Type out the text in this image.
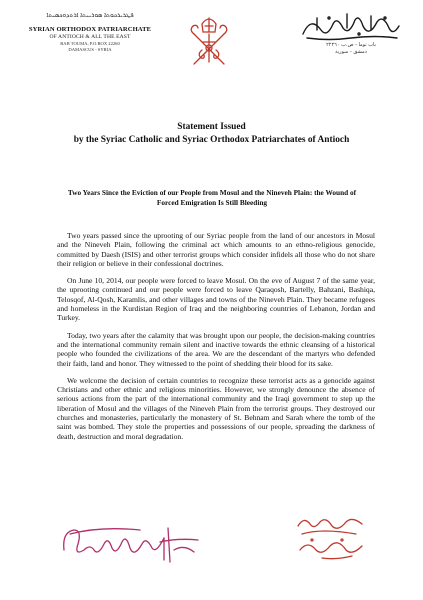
ܦܛܪܝܪܟܘܬܐ ܣܘܪܝܝܬܐ ܐܪܬܕܘܟܣܝܬܐ
SYRIAN ORTHODOX PATRIARCHATE
OF ANTIOCH & ALL THE EAST
BAB TOUMA, P.O.BOX 22260
DAMASCUS - SYRIA
باب توما - ص.ب ٢٢٢٦٠
دمشق - سورية
Statement Issued
by the Syriac Catholic and Syriac Orthodox Patriarchates of Antioch
Two Years Since the Eviction of our People from Mosul and the Nineveh Plain: the Wound of Forced Emigration Is Still Bleeding

Two years passed since the uprooting of our Syriac people from the land of our ancestors in Mosul and the Nineveh Plain, following the criminal act which amounts to an ethno-religious genocide, committed by Daesh (ISIS) and other terrorist groups which consider infidels all those who do not share their religion or believe in their confessional doctrines.

On June 10, 2014, our people were forced to leave Mosul. On the eve of August 7 of the same year, the uprooting continued and our people were forced to leave Qaraqosh, Bartelly, Bahzani, Bashiqa, Telosqof, Al-Qosh, Karamlis, and other villages and towns of the Nineveh Plain. They became refugees and homeless in the Kurdistan Region of Iraq and the neighboring countries of Lebanon, Jordan and Turkey.

Today, two years after the calamity that was brought upon our people, the decision-making countries and the international community remain silent and inactive towards the ethnic cleansing of a historical people who founded the civilizations of the area. We are the descendant of the martyrs who defended their faith, land and honor. They witnessed to the point of shedding their blood for its sake.

We welcome the decision of certain countries to recognize these terrorist acts as a genocide against Christians and other ethnic and religious minorities. However, we strongly denounce the absence of serious actions from the part of the international community and the Iraqi government to step up the liberation of Mosul and the villages of the Nineveh Plain from the terrorist groups. They destroyed our churches and monasteries, particularly the monastery of St. Behnam and Sarah where the tomb of the saint was bombed. They stole the properties and possessions of our people, spreading the darkness of death, destruction and moral degradation.
